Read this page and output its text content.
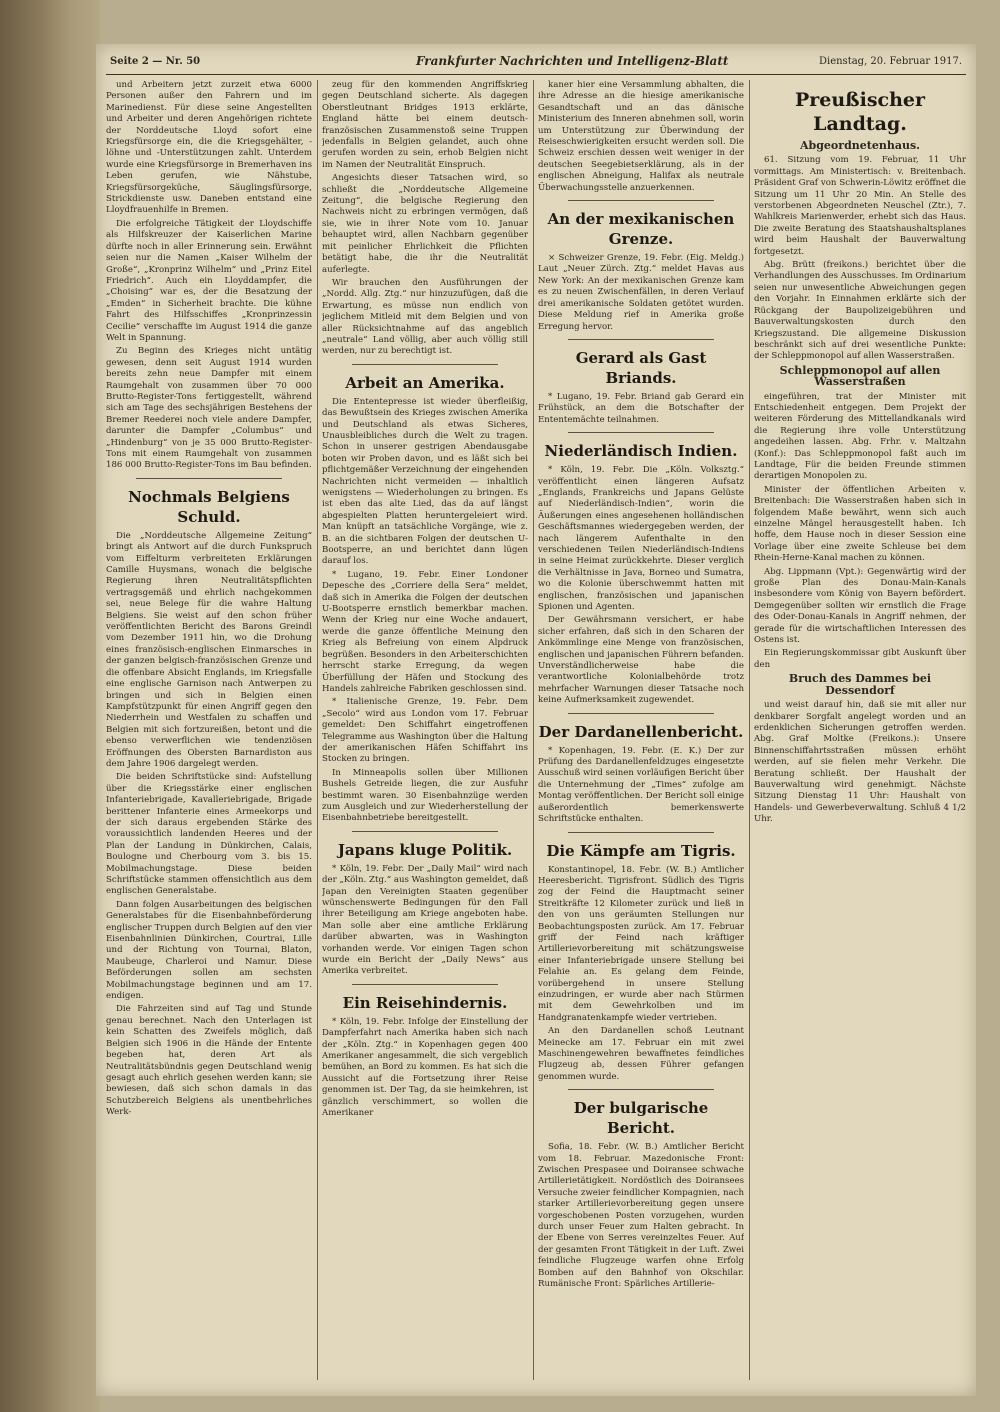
Seite 2 — Nr. 50	Frankfurter Nachrichten und Intelligenz-Blatt	Dienstag, 20. Februar 1917.

und Arbeitern jetzt zurzeit etwa 6000 Personen außer den Fahrern und im Marinedienst. Für diese seine Angestellten und Arbeiter und deren Angehörigen richtete der Norddeutsche Lloyd sofort eine Kriegsfürsorge ein, die die Kriegsgehälter, -löhne und -Unterstützungen zahlt. Unterdem wurde eine Kriegsfürsorge in Bremerhaven ins Leben gerufen, wie Nähstube, Kriegsfürsorgeküche, Säuglingsfürsorge, Strickdienste usw. Daneben entstand eine Lloydfrauenhilfe in Bremen.

Die erfolgreiche Tätigkeit der Lloydschiffe als Hilfskreuzer der Kaiserlichen Marine dürfte noch in aller Erinnerung sein. Erwähnt seien nur die Namen „Kaiser Wilhelm der Große“, „Kronprinz Wilhelm“ und „Prinz Eitel Friedrich“. Auch ein Lloyddampfer, die „Choising“ war es, der die Besatzung der „Emden“ in Sicherheit brachte. Die kühne Fahrt des Hilfsschiffes „Kronprinzessin Cecilie“ verschaffte im August 1914 die ganze Welt in Spannung.

Zu Beginn des Krieges nicht untätig gewesen, denn seit August 1914 wurden bereits zehn neue Dampfer mit einem Raumgehalt von zusammen über 70 000 Brutto-Register-Tons fertiggestellt, während sich am Tage des sechsjährigen Bestehens der Bremer Reederei noch viele andere Dampfer, darunter die Dampfer „Columbus“ und „Hindenburg“ von je 35 000 Brutto-Register-Tons mit einem Raumgehalt von zusammen 186 000 Brutto-Register-Tons im Bau befinden.

Nochmals Belgiens Schuld.

Die „Norddeutsche Allgemeine Zeitung“ bringt als Antwort auf die durch Funkspruch vom Eiffelturm verbreiteten Erklärungen Camille Huysmans, wonach die belgische Regierung ihren Neutralitätspflichten vertragsgemäß und ehrlich nachgekommen sei, neue Belege für die wahre Haltung Belgiens. Sie weist auf den schon früher veröffentlichten Bericht des Barons Greindl vom Dezember 1911 hin, wo die Drohung eines französisch-englischen Einmarsches in der ganzen belgisch-französischen Grenze und die offenbare Absicht Englands, im Kriegsfalle eine englische Garnison nach Antwerpen zu bringen und sich in Belgien einen Kampfstützpunkt für einen Angriff gegen den Niederrhein und Westfalen zu schaffen und Belgien mit sich fortzureißen, betont und die ebenso verwerflichen wie tendenziösen Eröffnungen des Obersten Barnardiston aus dem Jahre 1906 dargelegt werden.

Die beiden Schriftstücke sind: Aufstellung über die Kriegsstärke einer englischen Infanteriebrigade, Kavalleriebrigade, Brigade berittener Infanterie eines Armeekorps und der sich daraus ergebenden Stärke des voraussichtlich landenden Heeres und der Plan der Landung in Dünkirchen, Calais, Boulogne und Cherbourg vom 3. bis 15. Mobilmachungstage. Diese beiden Schriftstücke stammen offensichtlich aus dem englischen Generalstabe.

Dann folgen Ausarbeitungen des belgischen Generalstabes für die Eisenbahnbeförderung englischer Truppen durch Belgien auf den vier Eisenbahnlinien Dünkirchen, Courtrai, Lille und der Richtung von Tournai, Blaton, Maubeuge, Charleroi und Namur. Diese Beförderungen sollen am sechsten Mobilmachungstage beginnen und am 17. endigen.

Die Fahrzeiten sind auf Tag und Stunde genau berechnet. Nach den Unterlagen ist kein Schatten des Zweifels möglich, daß Belgien sich 1906 in die Hände der Entente begeben hat, deren Art als Neutralitätsbündnis gegen Deutschland wenig gesagt auch ehrlich gesehen werden kann; sie bewiesen, daß sich schon damals in das Schutzbereich Belgiens als unentbehrliches Werk-

zeug für den kommenden Angriffskrieg gegen Deutschland sicherte. Als dagegen Oberstleutnant Bridges 1913 erklärte, England hätte bei einem deutsch-französischen Zusammenstoß seine Truppen jedenfalls in Belgien gelandet, auch ohne gerufen worden zu sein, erhob Belgien nicht im Namen der Neutralität Einspruch.

Angesichts dieser Tatsachen wird, so schließt die „Norddeutsche Allgemeine Zeitung“, die belgische Regierung den Nachweis nicht zu erbringen vermögen, daß sie, wie in ihrer Note vom 10. Januar behauptet wird, allen Nachbarn gegenüber mit peinlicher Ehrlichkeit die Pflichten betätigt habe, die ihr die Neutralität auferlegte.

Wir brauchen den Ausführungen der „Nordd. Allg. Ztg.“ nur hinzuzufügen, daß die Erwartung, es müsse nun endlich von jeglichem Mitleid mit dem Belgien und von aller Rücksichtnahme auf das angeblich „neutrale“ Land völlig, aber auch völlig still werden, nur zu berechtigt ist.

Arbeit an Amerika.

Die Ententepresse ist wieder überfleißig, das Bewußtsein des Krieges zwischen Amerika und Deutschland als etwas Sicheres, Unausbleibliches durch die Welt zu tragen. Schon in unserer gestrigen Abendausgabe boten wir Proben davon, und es läßt sich bei pflichtgemäßer Verzeichnung der eingehenden Nachrichten nicht vermeiden — inhaltlich wenigstens — Wiederholungen zu bringen. Es ist eben das alte Lied, das da auf längst abgespielten Platten heruntergeleiert wird. Man knüpft an tatsächliche Vorgänge, wie z. B. an die sichtbaren Folgen der deutschen U-Bootsperre, an und berichtet dann lügen darauf los.

* Lugano, 19. Febr. Einer Londoner Depesche des „Corriere della Sera“ meldet, daß sich in Amerika die Folgen der deutschen U-Bootsperre ernstlich bemerkbar machen. Wenn der Krieg nur eine Woche andauert, werde die ganze öffentliche Meinung den Krieg als Befreiung von einem Alpdruck begrüßen. Besonders in den Arbeiterschichten herrscht starke Erregung, da wegen Überfüllung der Häfen und Stockung des Handels zahlreiche Fabriken geschlossen sind.

* Italienische Grenze, 19. Febr. Dem „Secolo“ wird aus London vom 17. Februar gemeldet: Den Schiffahrt eingetroffenen Telegramme aus Washington über die Haltung der amerikanischen Häfen Schiffahrt ins Stocken zu bringen.

In Minneapolis sollen über Millionen Bushels Getreide liegen, die zur Ausfuhr bestimmt waren. 30 Eisenbahnzüge werden zum Ausgleich und zur Wiederherstellung der Eisenbahnbetriebe bereitgestellt.

Japans kluge Politik.

* Köln, 19. Febr. Der „Daily Mail“ wird nach der „Köln. Ztg.“ aus Washington gemeldet, daß Japan den Vereinigten Staaten gegenüber wünschenswerte Bedingungen für den Fall ihrer Beteiligung am Kriege angeboten habe. Man solle aber eine amtliche Erklärung darüber abwarten, was in Washington vorhanden werde. Vor einigen Tagen schon wurde ein Bericht der „Daily News“ aus Amerika verbreitet.

Ein Reisehindernis.

* Köln, 19. Febr. Infolge der Einstellung der Dampferfahrt nach Amerika haben sich nach der „Köln. Ztg.“ in Kopenhagen gegen 400 Amerikaner angesammelt, die sich vergeblich bemühen, an Bord zu kommen. Es hat sich die Aussicht auf die Fortsetzung ihrer Reise genommen ist. Der Tag, da sie heimkehren, ist gänzlich verschimmert, so wollen die Amerikaner

kaner hier eine Versammlung abhalten, die ihre Adresse an die hiesige amerikanische Gesandtschaft und an das dänische Ministerium des Inneren abnehmen soll, worin um Unterstützung zur Überwindung der Reiseschwierigkeiten ersucht werden soll. Die Schweiz erschien dessen weit weniger in der deutschen Seegebietserklärung, als in der englischen Abneigung, Halifax als neutrale Überwachungsstelle anzuerkennen.

An der mexikanischen Grenze.

× Schweizer Grenze, 19. Febr. (Eig. Meldg.) Laut „Neuer Zürch. Ztg.“ meldet Havas aus New York: An der mexikanischen Grenze kam es zu neuen Zwischenfällen, in deren Verlauf drei amerikanische Soldaten getötet wurden. Diese Meldung rief in Amerika große Erregung hervor.

Gerard als Gast Briands.

* Lugano, 19. Febr. Briand gab Gerard ein Frühstück, an dem die Botschafter der Ententemächte teilnahmen.

Niederländisch Indien.

* Köln, 19. Febr. Die „Köln. Volksztg.“ veröffentlicht einen längeren Aufsatz „Englands, Frankreichs und Japans Gelüste auf Niederländisch-Indien“, worin die Äußerungen eines angesehenen holländischen Geschäftsmannes wiedergegeben werden, der nach längerem Aufenthalte in den verschiedenen Teilen Niederländisch-Indiens in seine Heimat zurückkehrte. Dieser verglich die Verhältnisse in Java, Borneo und Sumatra, wo die Kolonie überschwemmt hatten mit englischen, französischen und japanischen Spionen und Agenten.

Der Gewährsmann versichert, er habe sicher erfahren, daß sich in den Scharen der Ankömmlinge eine Menge von französischen, englischen und japanischen Führern befanden. Unverständlicherweise habe die verantwortliche Kolonialbehörde trotz mehrfacher Warnungen dieser Tatsache noch keine Aufmerksamkeit zugewendet.

Der Dardanellenbericht.

* Kopenhagen, 19. Febr. (E. K.) Der zur Prüfung des Dardanellenfeldzuges eingesetzte Ausschuß wird seinen vorläufigen Bericht über die Unternehmung der „Times“ zufolge am Montag veröffentlichen. Der Bericht soll einige außerordentlich bemerkenswerte Schriftstücke enthalten.

Die Kämpfe am Tigris.

Konstantinopel, 18. Febr. (W. B.) Amtlicher Heeresbericht. Tigrisfront. Südlich des Tigris zog der Feind die Hauptmacht seiner Streitkräfte 12 Kilometer zurück und ließ in den von uns geräumten Stellungen nur Beobachtungsposten zurück. Am 17. Februar griff der Feind nach kräftiger Artillerievorbereitung mit schätzungsweise einer Infanteriebrigade unsere Stellung bei Felahie an. Es gelang dem Feinde, vorübergehend in unsere Stellung einzudringen, er wurde aber nach Stürmen mit dem Gewehrkolben und im Handgranatenkampfe wieder vertrieben.

An den Dardanellen schoß Leutnant Meinecke am 17. Februar ein mit zwei Maschinengewehren bewaffnetes feindliches Flugzeug ab, dessen Führer gefangen genommen wurde.

Der bulgarische Bericht.

Sofia, 18. Febr. (W. B.) Amtlicher Bericht vom 18. Februar. Mazedonische Front: Zwischen Prespasee und Doiransee schwache Artillerietätigkeit. Nordöstlich des Doiransees Versuche zweier feindlicher Kompagnien, nach starker Artillerievorbereitung gegen unsere vorgeschobenen Posten vorzugehen, wurden durch unser Feuer zum Halten gebracht. In der Ebene von Serres vereinzeltes Feuer. Auf der gesamten Front Tätigkeit in der Luft. Zwei feindliche Flugzeuge warfen ohne Erfolg Bomben auf den Bahnhof von Okschilar. Rumänische Front: Spärliches Artillerie-

Preußischer Landtag.
Abgeordnetenhaus.

61. Sitzung vom 19. Februar, 11 Uhr vormittags. Am Ministertisch: v. Breitenbach. Präsident Graf von Schwerin-Löwitz eröffnet die Sitzung um 11 Uhr 20 Min. An Stelle des verstorbenen Abgeordneten Neuschel (Ztr.), 7. Wahlkreis Marienwerder, erhebt sich das Haus. Die zweite Beratung des Staatshaushaltsplanes wird beim Haushalt der Bauverwaltung fortgesetzt.

Abg. Brütt (freikons.) berichtet über die Verhandlungen des Ausschusses. Im Ordinarium seien nur unwesentliche Abweichungen gegen den Vorjahr. In Einnahmen erklärte sich der Rückgang der Baupolizeigebühren und Bauverwaltungskosten durch den Kriegszustand. Die allgemeine Diskussion beschränkt sich auf drei wesentliche Punkte: der Schleppmonopol auf allen Wasserstraßen.

Schleppmonopol auf allen Wasserstraßen

eingeführen, trat der Minister mit Entschiedenheit entgegen. Dem Projekt der weiteren Förderung des Mittellandkanals wird die Regierung ihre volle Unterstützung angedeihen lassen. Abg. Frhr. v. Maltzahn (Konf.): Das Schleppmonopol faßt auch im Landtage, Für die beiden Freunde stimmen derartigen Monopolen zu.

Minister der öffentlichen Arbeiten v. Breitenbach: Die Wasserstraßen haben sich in folgendem Maße bewährt, wenn sich auch einzelne Mängel herausgestellt haben. Ich hoffe, dem Hause noch in dieser Session eine Vorlage über eine zweite Schleuse bei dem Rhein-Herne-Kanal machen zu können.

Abg. Lippmann (Vpt.): Gegenwärtig wird der große Plan des Donau-Main-Kanals insbesondere vom König von Bayern befördert. Demgegenüber sollten wir ernstlich die Frage des Oder-Donau-Kanals in Angriff nehmen, der gerade für die wirtschaftlichen Interessen des Ostens ist.

Ein Regierungskommissar gibt Auskunft über den

Bruch des Dammes bei Dessendorf

und weist darauf hin, daß sie mit aller nur denkbarer Sorgfalt angelegt worden und an erdenklichen Sicherungen getroffen werden. Abg. Graf Moltke (Freikons.): Unsere Binnenschiffahrtsstraßen müssen erhöht werden, auf sie fielen mehr Verkehr. Die Beratung schließt. Der Haushalt der Bauverwaltung wird genehmigt. Nächste Sitzung Dienstag 11 Uhr: Haushalt von Handels- und Gewerbeverwaltung. Schluß 4 1/2 Uhr.
